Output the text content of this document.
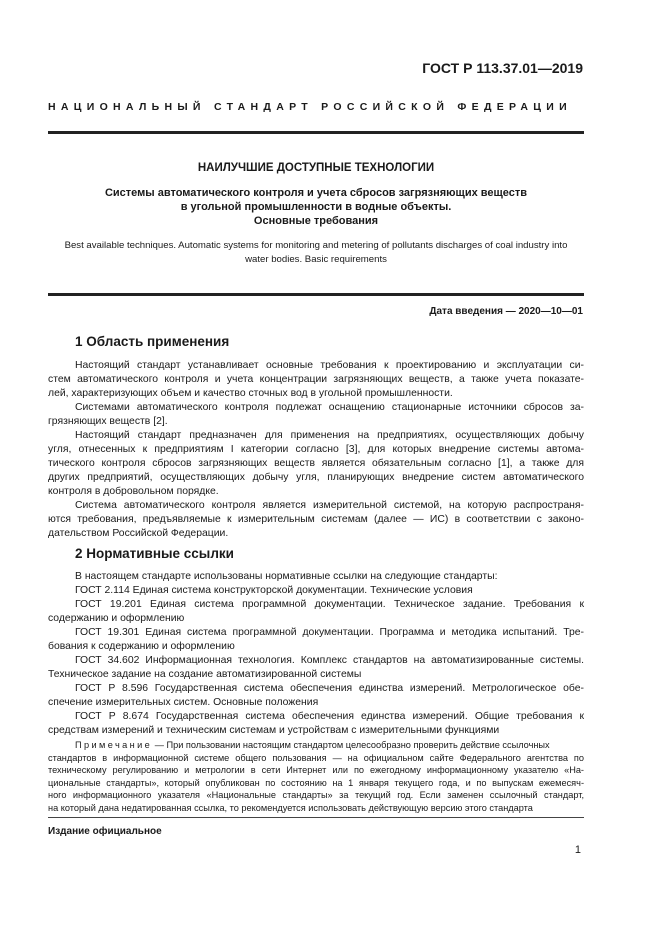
ГОСТ Р 113.37.01—2019
НАЦИОНАЛЬНЫЙ СТАНДАРТ РОССИЙСКОЙ ФЕДЕРАЦИИ
НАИЛУЧШИЕ ДОСТУПНЫЕ ТЕХНОЛОГИИ
Системы автоматического контроля и учета сбросов загрязняющих веществ
в угольной промышленности в водные объекты.
Основные требования
Best available techniques. Automatic systems for monitoring and metering of pollutants discharges of coal industry into
water bodies. Basic requirements
Дата введения — 2020—10—01
1 Область применения
Настоящий стандарт устанавливает основные требования к проектированию и эксплуатации си-
стем автоматического контроля и учета концентрации загрязняющих веществ, а также учета показате-
лей, характеризующих объем и качество сточных вод в угольной промышленности.
Системами автоматического контроля подлежат оснащению стационарные источники сбросов за-
грязняющих веществ [2].
Настоящий стандарт предназначен для применения на предприятиях, осуществляющих добычу
угля, отнесенных к предприятиям I категории согласно [3], для которых внедрение системы автома-
тического контроля сбросов загрязняющих веществ является обязательным согласно [1], а также для
других предприятий, осуществляющих добычу угля, планирующих внедрение систем автоматического
контроля в добровольном порядке.
Система автоматического контроля является измерительной системой, на которую распространя-
ются требования, предъявляемые к измерительным системам (далее — ИС) в соответствии с законо-
дательством Российской Федерации.
2 Нормативные ссылки
В настоящем стандарте использованы нормативные ссылки на следующие стандарты:
ГОСТ 2.114 Единая система конструкторской документации. Технические условия
ГОСТ 19.201 Единая система программной документации. Техническое задание. Требования к
содержанию и оформлению
ГОСТ 19.301 Единая система программной документации. Программа и методика испытаний. Тре-
бования к содержанию и оформлению
ГОСТ 34.602 Информационная технология. Комплекс стандартов на автоматизированные системы.
Техническое задание на создание автоматизированной системы
ГОСТ Р 8.596 Государственная система обеспечения единства измерений. Метрологическое обе-
спечение измерительных систем. Основные положения
ГОСТ Р 8.674 Государственная система обеспечения единства измерений. Общие требования к
средствам измерений и техническим системам и устройствам с измерительными функциями
Примечание — При пользовании настоящим стандартом целесообразно проверить действие ссылочных
стандартов в информационной системе общего пользования — на официальном сайте Федерального агентства по
техническому регулированию и метрологии в сети Интернет или по ежегодному информационному указателю «На-
циональные стандарты», который опубликован по состоянию на 1 января текущего года, и по выпускам ежемесяч-
ного информационного указателя «Национальные стандарты» за текущий год. Если заменен ссылочный стандарт,
на который дана недатированная ссылка, то рекомендуется использовать действующую версию этого стандарта
Издание официальное
1
